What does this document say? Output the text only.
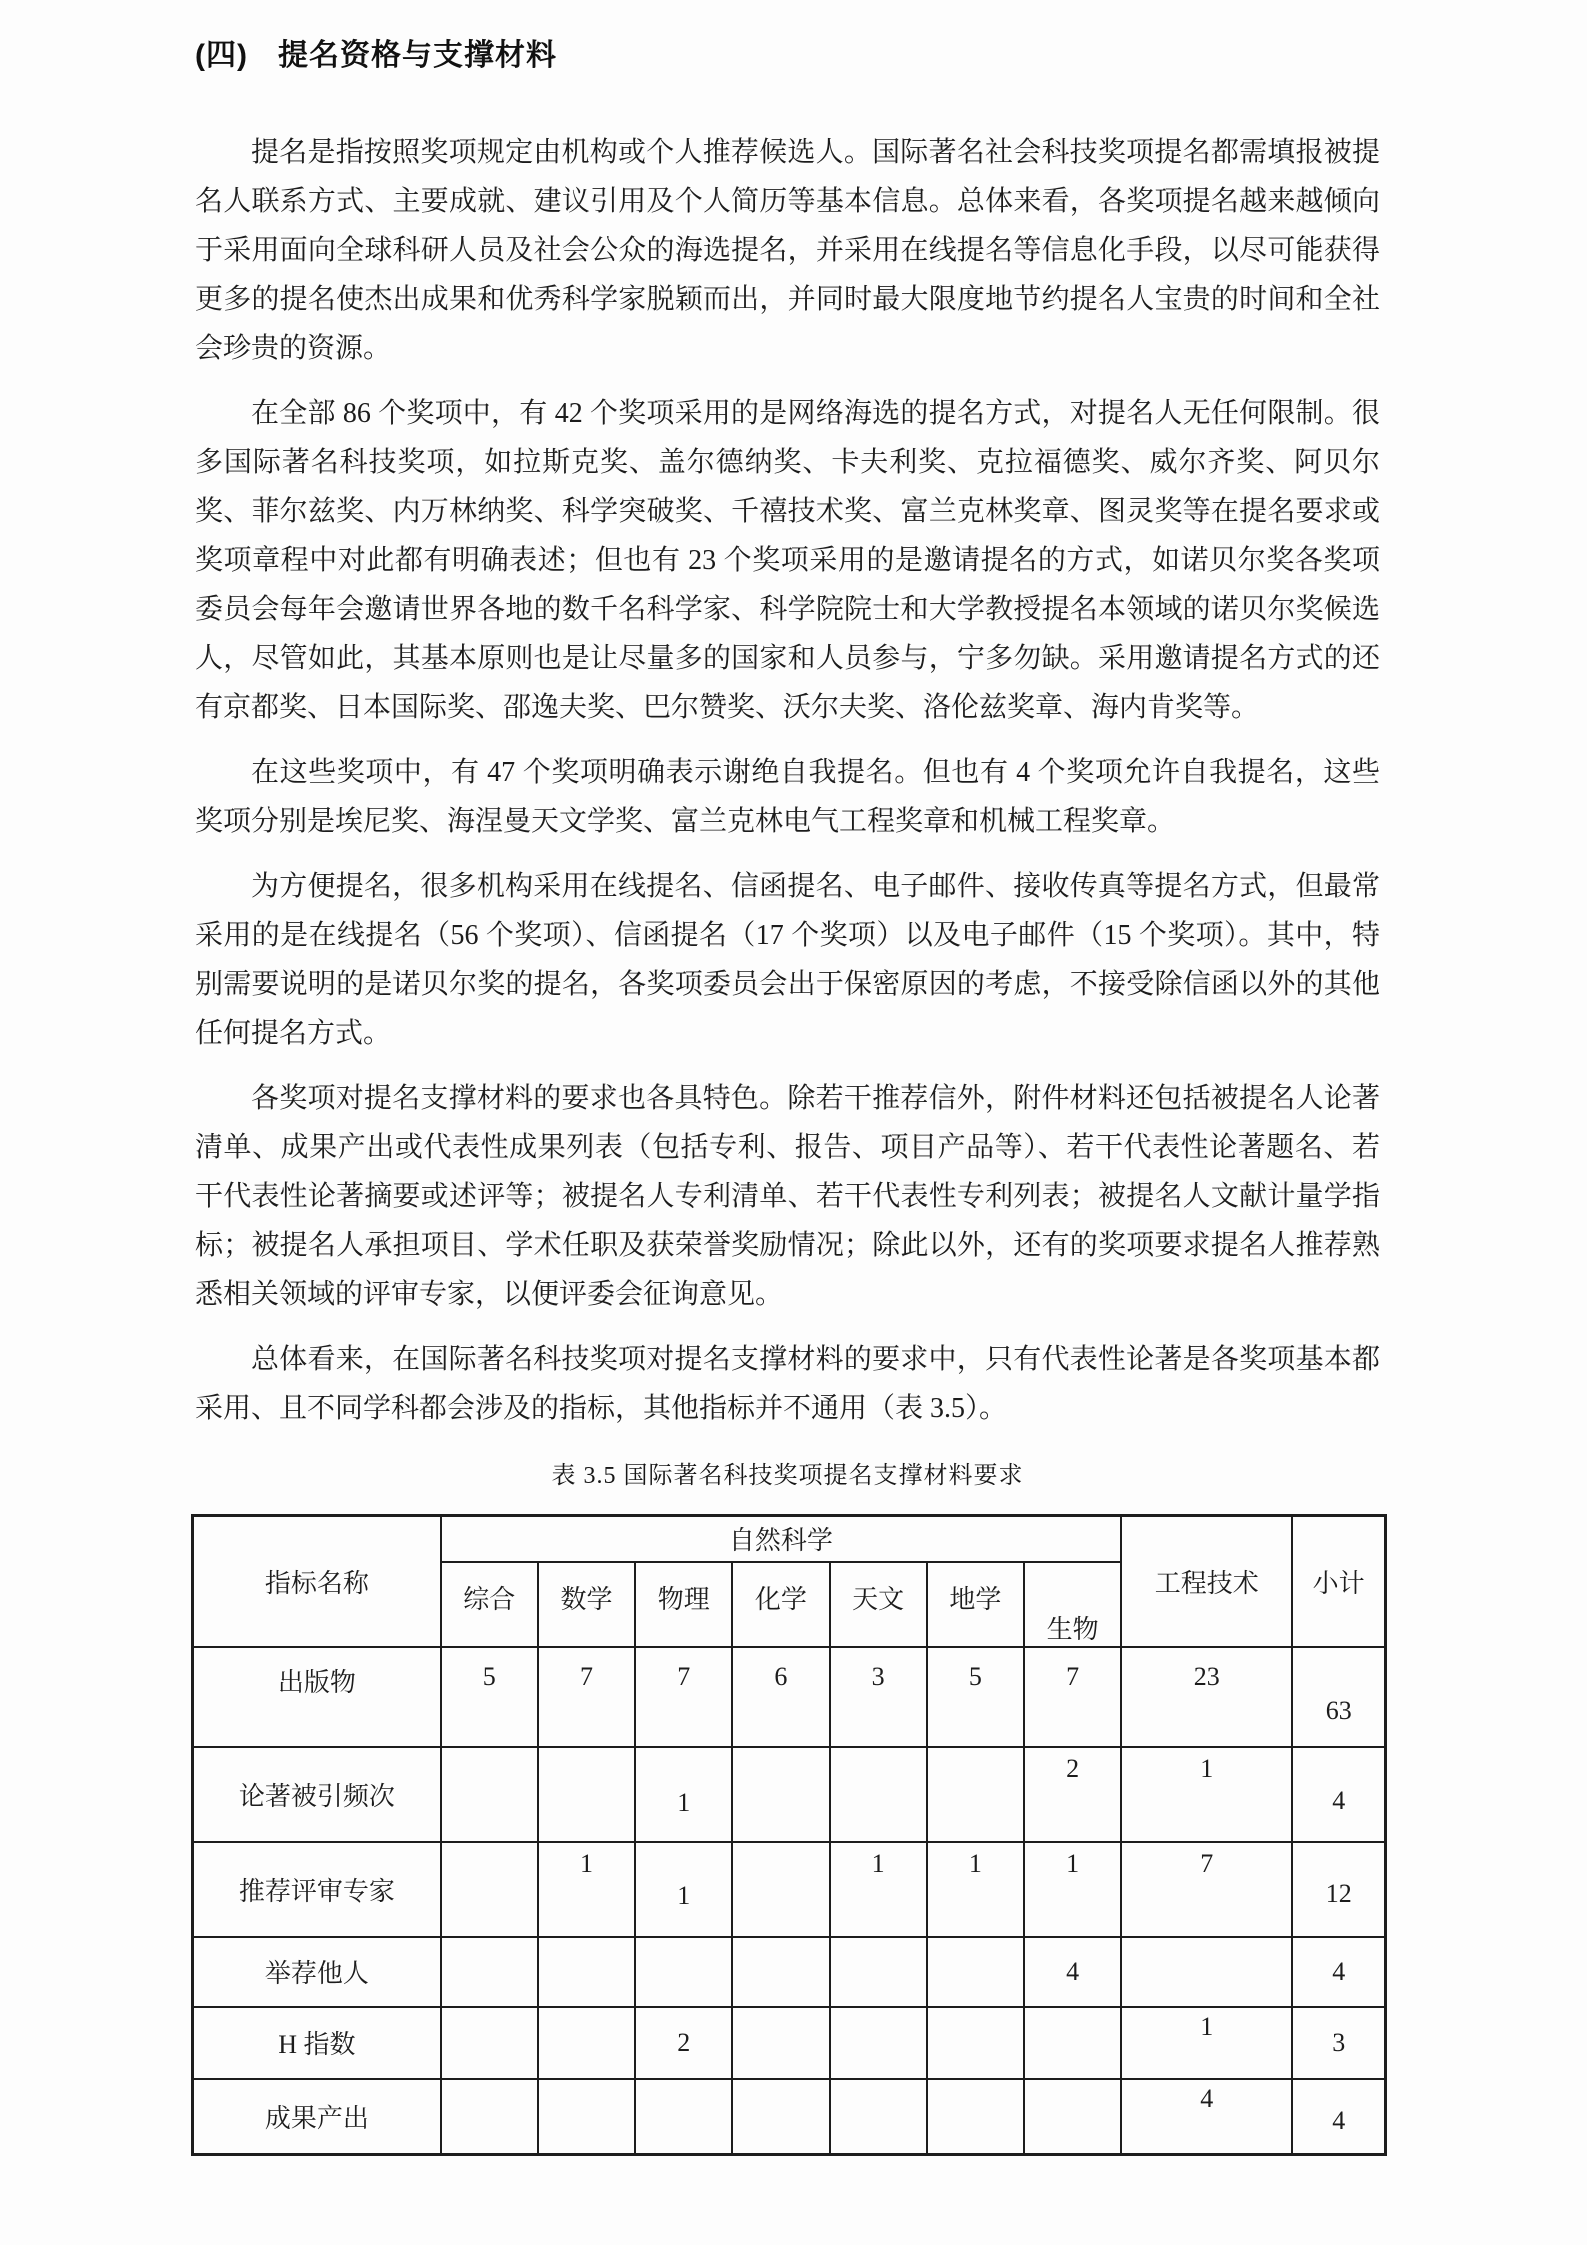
(四) 提名资格与支撑材料

提名是指按照奖项规定由机构或个人推荐候选人。国际著名社会科技奖项提名都需填报被提名人联系方式、主要成就、建议引用及个人简历等基本信息。总体来看，各奖项提名越来越倾向于采用面向全球科研人员及社会公众的海选提名，并采用在线提名等信息化手段，以尽可能获得更多的提名使杰出成果和优秀科学家脱颖而出，并同时最大限度地节约提名人宝贵的时间和全社会珍贵的资源。

在全部 86 个奖项中，有 42 个奖项采用的是网络海选的提名方式，对提名人无任何限制。很多国际著名科技奖项，如拉斯克奖、盖尔德纳奖、卡夫利奖、克拉福德奖、威尔齐奖、阿贝尔奖、菲尔兹奖、内万林纳奖、科学突破奖、千禧技术奖、富兰克林奖章、图灵奖等在提名要求或奖项章程中对此都有明确表述；但也有 23 个奖项采用的是邀请提名的方式，如诺贝尔奖各奖项委员会每年会邀请世界各地的数千名科学家、科学院院士和大学教授提名本领域的诺贝尔奖候选人，尽管如此，其基本原则也是让尽量多的国家和人员参与，宁多勿缺。采用邀请提名方式的还有京都奖、日本国际奖、邵逸夫奖、巴尔赞奖、沃尔夫奖、洛伦兹奖章、海内肯奖等。

在这些奖项中，有 47 个奖项明确表示谢绝自我提名。但也有 4 个奖项允许自我提名，这些奖项分别是埃尼奖、海涅曼天文学奖、富兰克林电气工程奖章和机械工程奖章。

为方便提名，很多机构采用在线提名、信函提名、电子邮件、接收传真等提名方式，但最常采用的是在线提名（56 个奖项）、信函提名（17 个奖项）以及电子邮件（15 个奖项）。其中，特别需要说明的是诺贝尔奖的提名，各奖项委员会出于保密原因的考虑，不接受除信函以外的其他任何提名方式。

各奖项对提名支撑材料的要求也各具特色。除若干推荐信外，附件材料还包括被提名人论著清单、成果产出或代表性成果列表（包括专利、报告、项目产品等）、若干代表性论著题名、若干代表性论著摘要或述评等；被提名人专利清单、若干代表性专利列表；被提名人文献计量学指标；被提名人承担项目、学术任职及获荣誉奖励情况；除此以外，还有的奖项要求提名人推荐熟悉相关领域的评审专家，以便评委会征询意见。

总体看来，在国际著名科技奖项对提名支撑材料的要求中，只有代表性论著是各奖项基本都采用、且不同学科都会涉及的指标，其他指标并不通用（表 3.5）。

表 3.5 国际著名科技奖项提名支撑材料要求
指标名称	自然科学							工程技术	小计
	综合	数学	物理	化学	天文	地学	生物		
出版物	5	7	7	6	3	5	7	23	63
论著被引频次			1				2	1	4
推荐评审专家		1	1		1	1	1	7	12
举荐他人							4		4
H 指数			2					1	3
成果产出								4	4
